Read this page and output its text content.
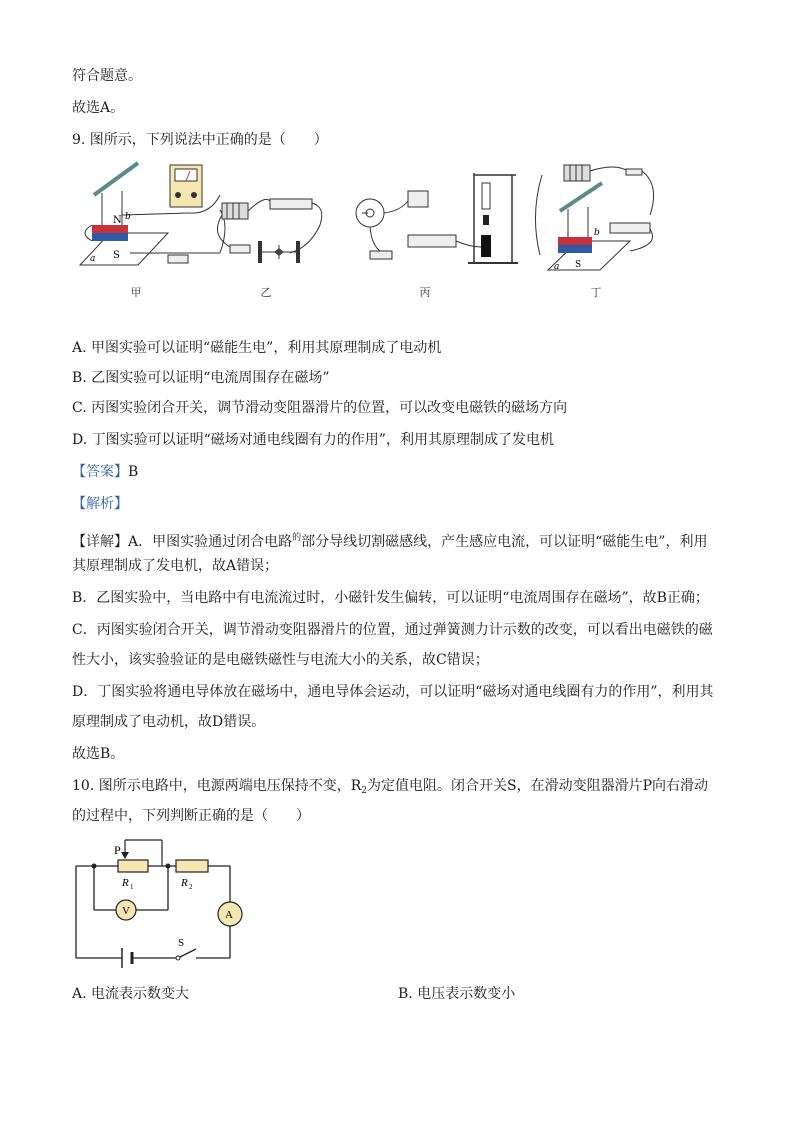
符合题意。
故选A。
9. 图所示，下列说法中正确的是（　　）
N
S
a
b
S
a
b
甲	乙	丙	丁
A. 甲图实验可以证明“磁能生电”，利用其原理制成了电动机
B. 乙图实验可以证明“电流周围存在磁场”
C. 丙图实验闭合开关，调节滑动变阻器滑片的位置，可以改变电磁铁的磁场方向
D. 丁图实验可以证明“磁场对通电线圈有力的作用”，利用其原理制成了发电机
【答案】B
【解析】
【详解】A．甲图实验通过闭合电路$^的$部分导线切割磁感线，产生感应电流，可以证明“磁能生电”，利用
其原理制成了发电机，故A错误；
B．乙图实验中，当电路中有电流流过时，小磁针发生偏转，可以证明“电流周围存在磁场”，故B正确；
C．丙图实验闭合开关，调节滑动变阻器滑片的位置，通过弹簧测力计示数的改变，可以看出电磁铁的磁
性大小，该实验验证的是电磁铁磁性与电流大小的关系，故C错误；
D．丁图实验将通电导体放在磁场中，通电导体会运动，可以证明“磁场对通电线圈有力的作用”，利用其
原理制成了电动机，故D错误。
故选B。
10. 图所示电路中，电源两端电压保持不变，$R_2$为定值电阻。闭合开关S，在滑动变阻器滑片P向右滑动
的过程中，下列判断正确的是（　　）
P
R 1	R 2
V	A
S
A. 电流表示数变大	B. 电压表示数变小
